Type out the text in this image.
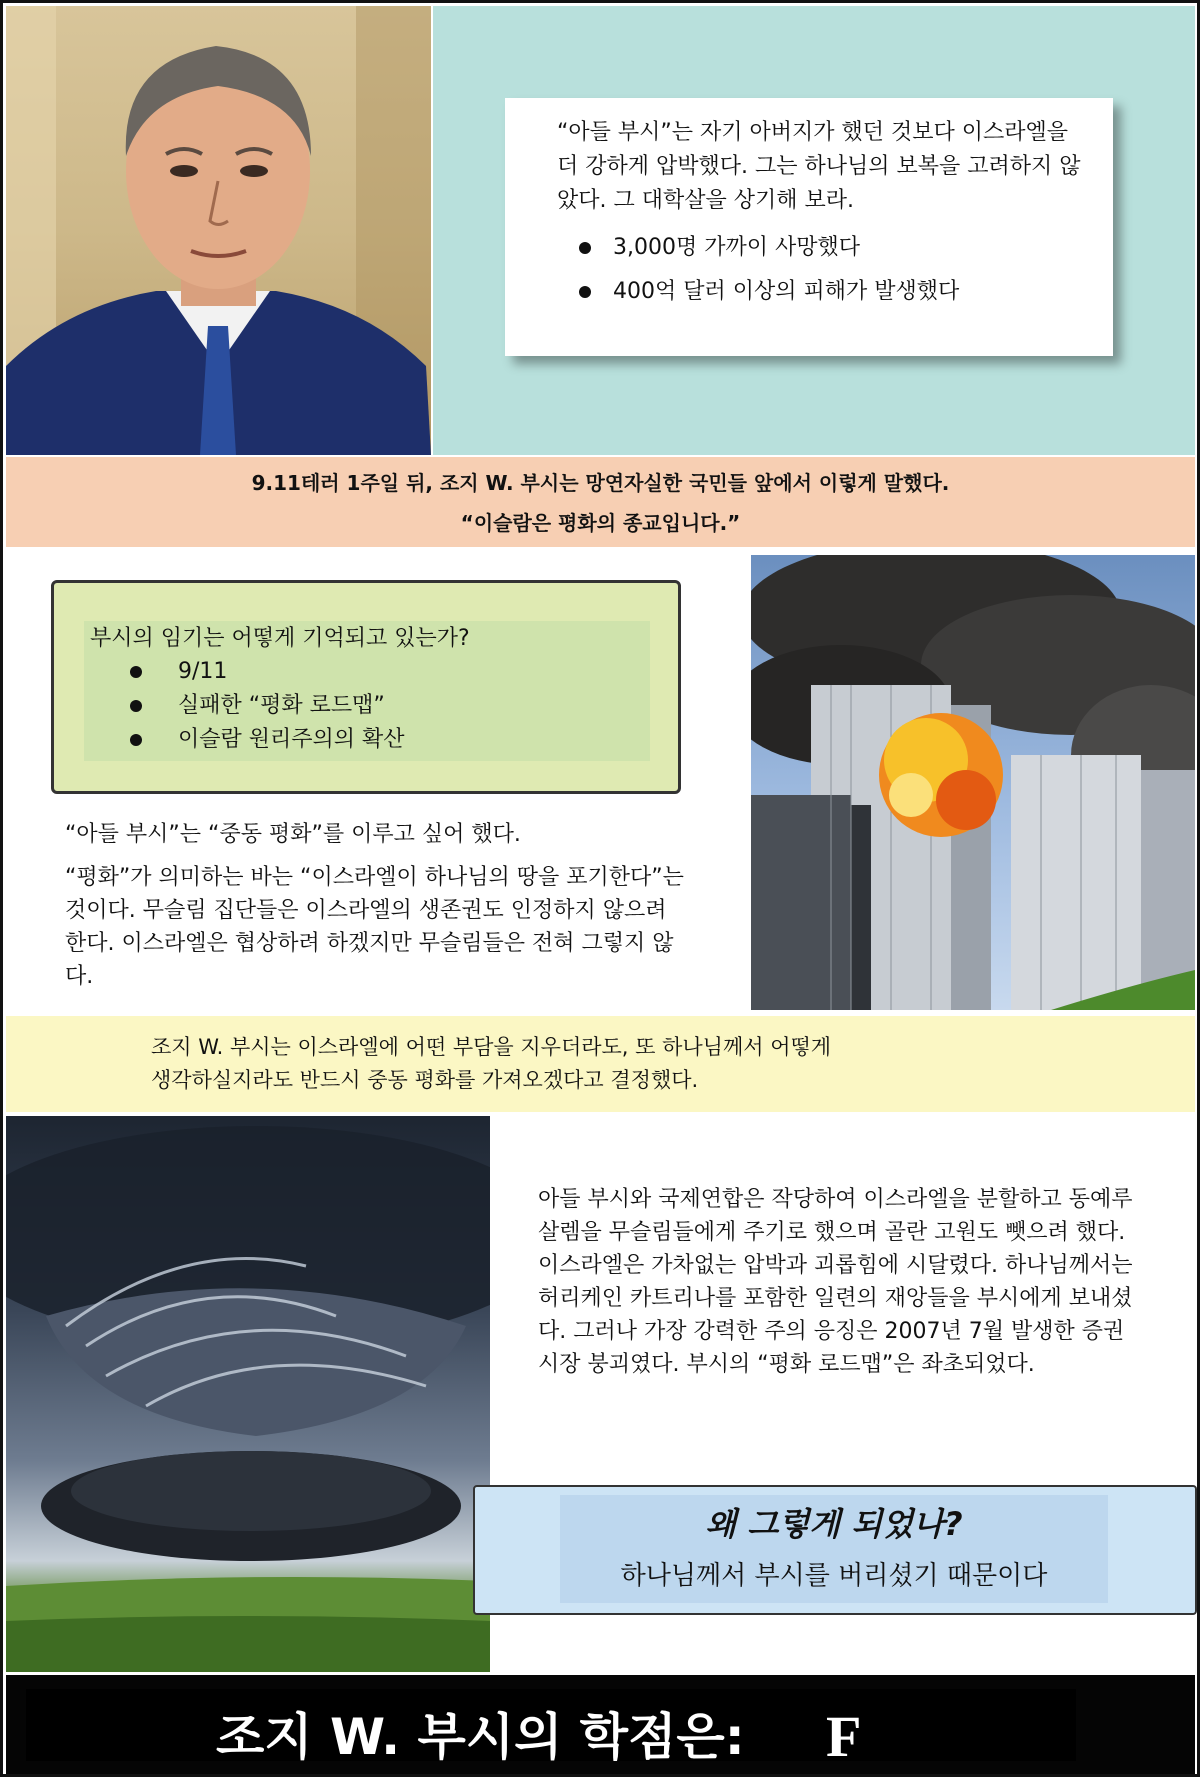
“아들 부시”는 자기 아버지가 했던 것보다 이스라엘을 더 강하게 압박했다. 그는 하나님의 보복을 고려하지 않았다. 그 대학살을 상기해 보라.
3,000명 가까이 사망했다
400억 달러 이상의 피해가 발생했다
9.11테러 1주일 뒤, 조지 W. 부시는 망연자실한 국민들 앞에서 이렇게 말했다.
“이슬람은 평화의 종교입니다.”
부시의 임기는 어떻게 기억되고 있는가?
9/11
실패한 “평화 로드맵”
이슬람 원리주의의 확산
“아들 부시”는 “중동 평화”를 이루고 싶어 했다.
“평화”가 의미하는 바는 “이스라엘이 하나님의 땅을 포기한다”는 것이다. 무슬림 집단들은 이스라엘의 생존권도 인정하지 않으려 한다. 이스라엘은 협상하려 하겠지만 무슬림들은 전혀 그렇지 않다.
조지 W. 부시는 이스라엘에 어떤 부담을 지우더라도, 또 하나님께서 어떻게
생각하실지라도 반드시 중동 평화를 가져오겠다고 결정했다.
아들 부시와 국제연합은 작당하여 이스라엘을 분할하고 동예루살렘을 무슬림들에게 주기로 했으며 골란 고원도 뺏으려 했다. 이스라엘은 가차없는 압박과 괴롭힘에 시달렸다. 하나님께서는 허리케인 카트리나를 포함한 일련의 재앙들을 부시에게 보내셨다. 그러나 가장 강력한 주의 응징은 2007년 7월 발생한 증권시장 붕괴였다. 부시의 “평화 로드맵”은 좌초되었다.
왜 그렇게 되었나?
하나님께서 부시를 버리셨기 때문이다
조지 W. 부시의 학점은: F
